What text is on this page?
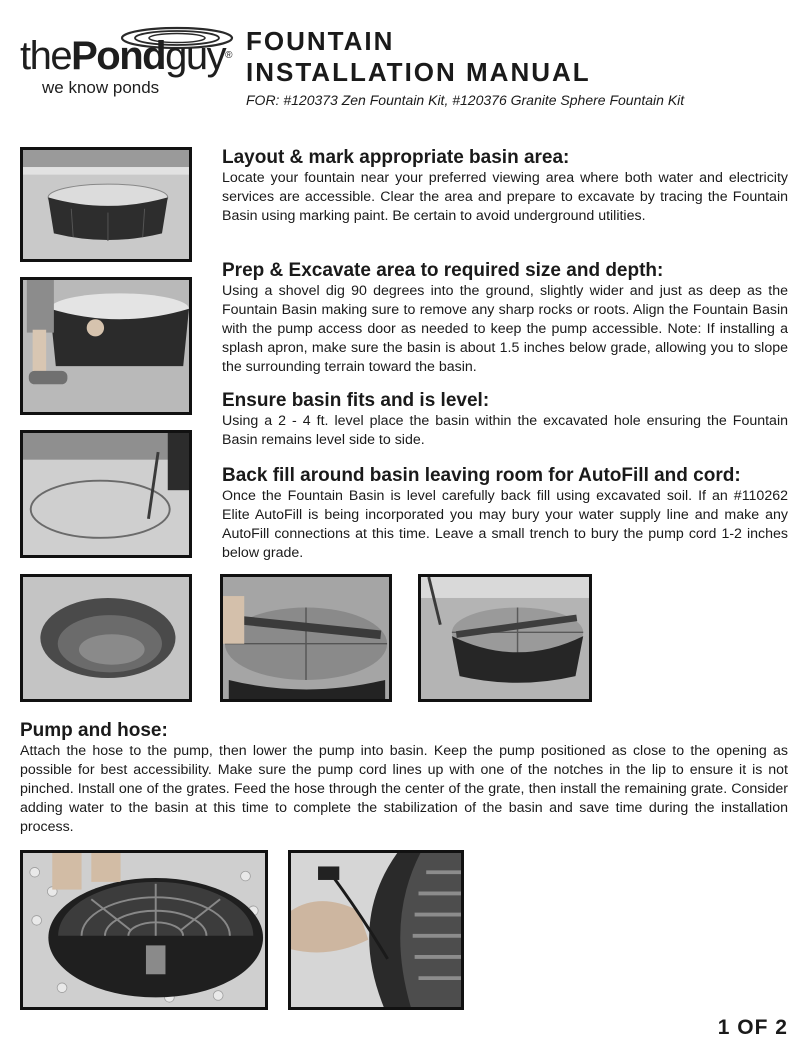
thePondguy®
we know ponds
FOUNTAIN
INSTALLATION MANUAL
FOR: #120373 Zen Fountain Kit, #120376 Granite Sphere Fountain Kit
Layout & mark appropriate basin area:

Locate your fountain near your preferred viewing area where both water and electricity services are accessible. Clear the area and prepare to excavate by tracing the Fountain Basin using marking paint. Be certain to avoid underground utilities.

Prep & Excavate area to required size and depth:

Using a shovel dig 90 degrees into the ground, slightly wider and just as deep as the Fountain Basin making sure to remove any sharp rocks or roots. Align the Fountain Basin with the pump access door as needed to keep the pump accessible. Note: If installing a splash apron, make sure the basin is about 1.5 inches below grade, allowing you to slope the surrounding terrain toward the basin.

Ensure basin fits and is level:

Using a 2 - 4 ft. level place the basin within the excavated hole ensuring the Fountain Basin remains level side to side.

Back fill around basin leaving room for AutoFill and cord:

Once the Fountain Basin is level carefully back fill using excavated soil. If an #110262 Elite AutoFill is being incorporated you may bury your water supply line and make any AutoFill connections at this time. Leave a small trench to bury the pump cord 1-2 inches below grade.

Pump and hose:

Attach the hose to the pump, then lower the pump into basin. Keep the pump positioned as close to the opening as possible for best accessibility. Make sure the pump cord lines up with one of the notches in the lip to ensure it is not pinched. Install one of the grates. Feed the hose through the center of the grate, then install the remaining grate. Consider adding water to the basin at this time to complete the stabilization of the basin and save time during the installation process.

1 OF 2
